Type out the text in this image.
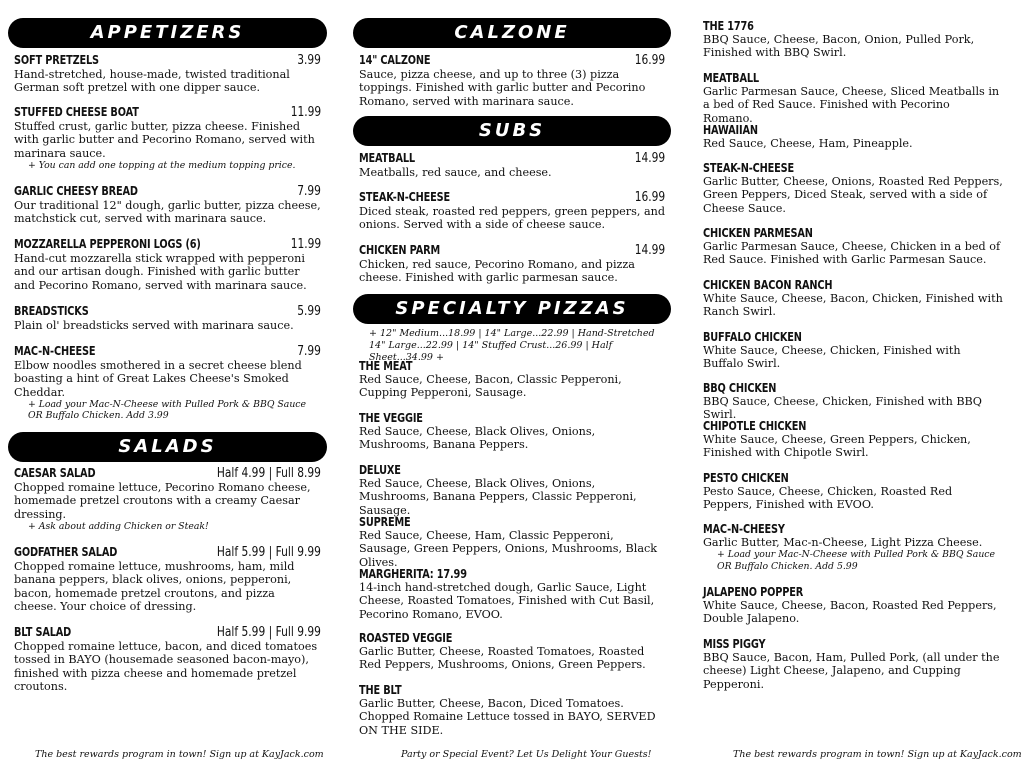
APPETIZERS
SOFT PRETZELS	3.99
Hand-stretched, house-made, twisted traditional German soft pretzel with one dipper sauce.
STUFFED CHEESE BOAT	11.99
Stuffed crust, garlic butter, pizza cheese. Finished with garlic butter and Pecorino Romano, served with marinara sauce.
+ You can add one topping at the medium topping price.
GARLIC CHEESY BREAD	7.99
Our traditional 12" dough, garlic butter, pizza cheese, matchstick cut, served with marinara sauce.
MOZZARELLA PEPPERONI LOGS (6)	11.99
Hand-cut mozzarella stick wrapped with pepperoni and our artisan dough. Finished with garlic butter and Pecorino Romano, served with marinara sauce.
BREADSTICKS	5.99
Plain ol' breadsticks served with marinara sauce.
MAC-N-CHEESE	7.99
Elbow noodles smothered in a secret cheese blend boasting a hint of Great Lakes Cheese's Smoked Cheddar.
+ Load your Mac-N-Cheese with Pulled Pork & BBQ Sauce OR Buffalo Chicken. Add 3.99
SALADS
CAESAR SALAD	Half 4.99 | Full 8.99
Chopped romaine lettuce, Pecorino Romano cheese, homemade pretzel croutons with a creamy Caesar dressing.
+ Ask about adding Chicken or Steak!
GODFATHER SALAD	Half 5.99 | Full 9.99
Chopped romaine lettuce, mushrooms, ham, mild banana peppers, black olives, onions, pepperoni, bacon, homemade pretzel croutons, and pizza cheese. Your choice of dressing.
BLT SALAD	Half 5.99 | Full 9.99
Chopped romaine lettuce, bacon, and diced tomatoes tossed in BAYO (housemade seasoned bacon-mayo), finished with pizza cheese and homemade pretzel croutons.
CALZONE
14" CALZONE	16.99
Sauce, pizza cheese, and up to three (3) pizza toppings. Finished with garlic butter and Pecorino Romano, served with marinara sauce.
SUBS
MEATBALL	14.99
Meatballs, red sauce, and cheese.
STEAK-N-CHEESE	16.99
Diced steak, roasted red peppers, green peppers, and onions. Served with a side of cheese sauce.
CHICKEN PARM	14.99
Chicken, red sauce, Pecorino Romano, and pizza cheese. Finished with garlic parmesan sauce.
SPECIALTY PIZZAS
+ 12" Medium...18.99 | 14" Large...22.99 | Hand-Stretched 14" Large...22.99 | 14" Stuffed Crust...26.99 | Half Sheet...34.99 +
THE MEAT
Red Sauce, Cheese, Bacon, Classic Pepperoni, Cupping Pepperoni, Sausage.
THE VEGGIE
Red Sauce, Cheese, Black Olives, Onions, Mushrooms, Banana Peppers.
DELUXE
Red Sauce, Cheese, Black Olives, Onions, Mushrooms, Banana Peppers, Classic Pepperoni, Sausage.
SUPREME
Red Sauce, Cheese, Ham, Classic Pepperoni, Sausage, Green Peppers, Onions, Mushrooms, Black Olives.
MARGHERITA: 17.99
14-inch hand-stretched dough, Garlic Sauce, Light Cheese, Roasted Tomatoes, Finished with Cut Basil, Pecorino Romano, EVOO.
ROASTED VEGGIE
Garlic Butter, Cheese, Roasted Tomatoes, Roasted Red Peppers, Mushrooms, Onions, Green Peppers.
THE BLT
Garlic Butter, Cheese, Bacon, Diced Tomatoes. Chopped Romaine Lettuce tossed in BAYO, SERVED ON THE SIDE.
THE 1776
BBQ Sauce, Cheese, Bacon, Onion, Pulled Pork, Finished with BBQ Swirl.
MEATBALL
Garlic Parmesan Sauce, Cheese, Sliced Meatballs in a bed of Red Sauce. Finished with Pecorino Romano.
HAWAIIAN
Red Sauce, Cheese, Ham, Pineapple.
STEAK-N-CHEESE
Garlic Butter, Cheese, Onions, Roasted Red Peppers, Green Peppers, Diced Steak, served with a side of Cheese Sauce.
CHICKEN PARMESAN
Garlic Parmesan Sauce, Cheese, Chicken in a bed of Red Sauce. Finished with Garlic Parmesan Sauce.
CHICKEN BACON RANCH
White Sauce, Cheese, Bacon, Chicken, Finished with Ranch Swirl.
BUFFALO CHICKEN
White Sauce, Cheese, Chicken, Finished with Buffalo Swirl.
BBQ CHICKEN
BBQ Sauce, Cheese, Chicken, Finished with BBQ Swirl.
CHIPOTLE CHICKEN
White Sauce, Cheese, Green Peppers, Chicken, Finished with Chipotle Swirl.
PESTO CHICKEN
Pesto Sauce, Cheese, Chicken, Roasted Red Peppers, Finished with EVOO.
MAC-N-CHEESY
Garlic Butter, Mac-n-Cheese, Light Pizza Cheese.
+ Load your Mac-N-Cheese with Pulled Pork & BBQ Sauce OR Buffalo Chicken. Add 5.99
JALAPENO POPPER
White Sauce, Cheese, Bacon, Roasted Red Peppers, Double Jalapeno.
MISS PIGGY
BBQ Sauce, Bacon, Ham, Pulled Pork, (all under the cheese) Light Cheese, Jalapeno, and Cupping Pepperoni.
The best rewards program in town! Sign up at KayJack.com	Party or Special Event? Let Us Delight Your Guests!	The best rewards program in town! Sign up at KayJack.com
